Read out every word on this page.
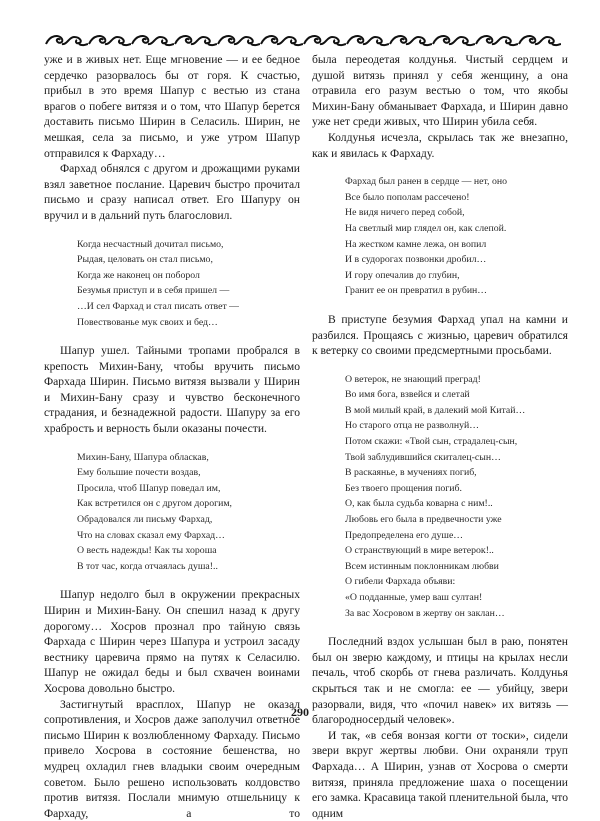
уже и в живых нет. Еще мгновение — и ее бедное сердечко разорвалось бы от горя. К счастью, прибыл в это время Шапур с вестью из стана врагов о побеге витязя и о том, что Шапур берется доставить письмо Ширин в Селасиль. Ширин, не мешкая, села за письмо, и уже утром Шапур отправился к Фархаду…

Фархад обнялся с другом и дрожащими руками взял заветное послание. Царевич быстро прочитал письмо и сразу написал ответ. Его Шапуру он вручил и в дальний путь благословил.

Когда несчастный дочитал письмо,
Рыдая, целовать он стал письмо,
Когда же наконец он поборол
Безумья приступ и в себя пришел —
…И сел Фархад и стал писать ответ —
Повествованье мук своих и бед…

Шапур ушел. Тайными тропами пробрался в крепость Михин-Бану, чтобы вручить письмо Фархада Ширин. Письмо витязя вызвали у Ширин и Михин-Бану сразу и чувство бесконечного страдания, и безнадежной радости. Шапуру за его храбрость и верность были оказаны почести.

Михин-Бану, Шапура обласкав,
Ему большие почести воздав,
Просила, чтоб Шапур поведал им,
Как встретился он с другом дорогим,
Обрадовался ли письму Фархад,
Что на словах сказал ему Фархад…
О весть надежды! Как ты хороша
В тот час, когда отчаялась душа!..

Шапур недолго был в окружении прекрасных Ширин и Михин-Бану. Он спешил назад к другу дорогому… Хосров прознал про тайную связь Фархада с Ширин через Шапура и устроил засаду вестнику царевича прямо на путях к Селасилю. Шапур не ожидал беды и был схвачен воинами Хосрова довольно быстро.

Застигнутый врасплох, Шапур не оказал сопротивления, и Хосров даже заполучил ответное письмо Ширин к возлюбленному Фархаду. Письмо привело Хосрова в состояние бешенства, но мудрец охладил гнев владыки своим очередным советом. Было решено использовать колдовство против витязя. Послали мнимую отшельницу к Фархаду, а то

была переодетая колдунья. Чистый сердцем и душой витязь принял у себя женщину, а она отравила его разум вестью о том, что якобы Михин-Бану обманывает Фархада, и Ширин давно уже нет среди живых, что Ширин убила себя.

Колдунья исчезла, скрылась так же внезапно, как и явилась к Фархаду.

Фархад был ранен в сердце — нет, оно
Все было пополам рассечено!
Не видя ничего перед собой,
На светлый мир глядел он, как слепой.
На жестком камне лежа, он вопил
И в судорогах позвонки дробил…
И гору опечалив до глубин,
Гранит ее он превратил в рубин…

В приступе безумия Фархад упал на камни и разбился. Прощаясь с жизнью, царевич обратился к ветерку со своими предсмертными просьбами.

О ветерок, не знающий преград!
Во имя бога, взвейся и слетай
В мой милый край, в далекий мой Китай…
Но старого отца не разволнуй…
Потом скажи: «Твой сын, страдалец-сын,
Твой заблудившийся скиталец-сын…
В раскаянье, в мучениях погиб,
Без твоего прощения погиб.
О, как была судьба коварна с ним!..
Любовь его была в предвечности уже
Предопределена его душе…
О странствующий в мире ветерок!..
Всем истинным поклонникам любви
О гибели Фархада объяви:
«О подданные, умер ваш султан!
За вас Хосровом в жертву он заклан…

Последний вздох услышан был в раю, понятен был он зверю каждому, и птицы на крылах несли печаль, чтоб скорбь от гнева различать. Колдунья скрыться так и не смогла: ее — убийцу, звери разорвали, видя, что «почил навек» их витязь — благородносердый человек».

И так, «в себя вонзая когти от тоски», сидели звери вкруг жертвы любви. Они охраняли труп Фархада… А Ширин, узнав от Хосрова о смерти витязя, приняла предложение шаха о посещении его замка. Красавица такой пленительной была, что одним

290
